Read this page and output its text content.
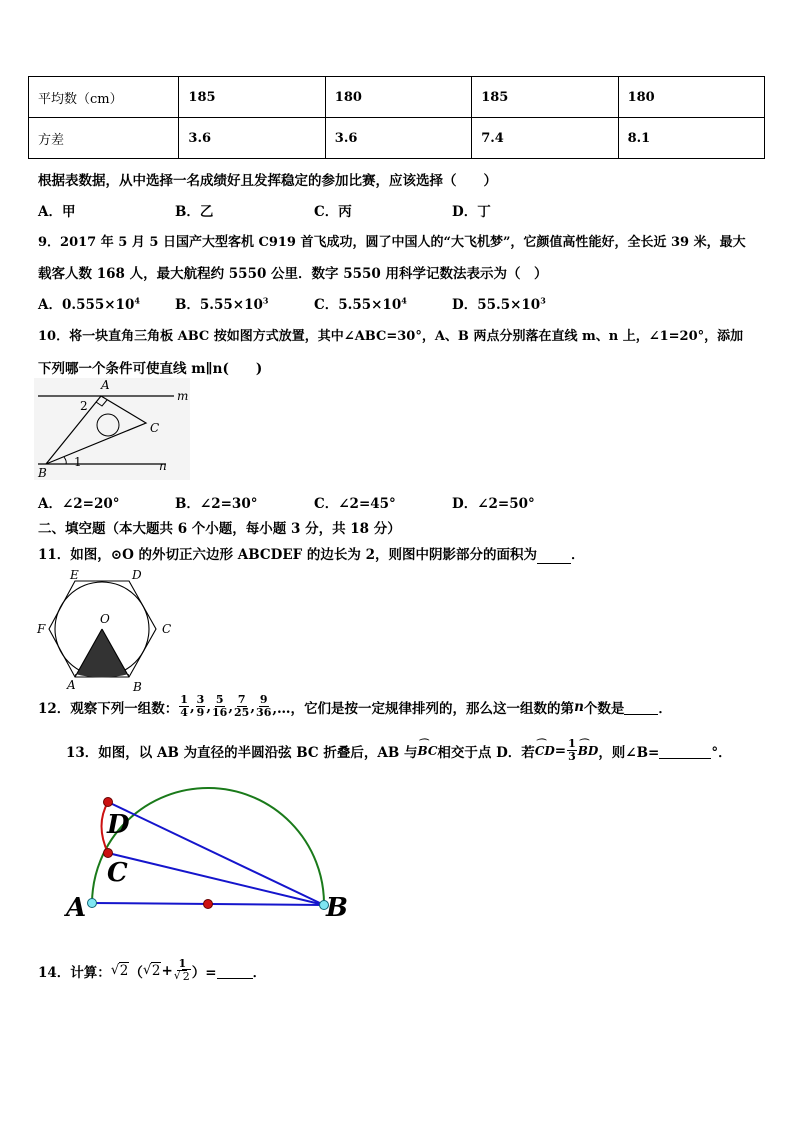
平均数（cm）	185	180	185	180
方差	3.6	3.6	7.4	8.1
根据表数据，从中选择一名成绩好且发挥稳定的参加比赛，应该选择（　　）
A．甲	B．乙	C．丙	D．丁
9．2017 年 5 月 5 日国产大型客机 C919 首飞成功，圆了中国人的“大飞机梦”，它颜值高性能好，全长近 39 米，最大
载客人数 168 人，最大航程约 5550 公里．数字 5550 用科学记数法表示为（　）
A．$0.555\times 10^4$	B．$5.55\times 10^3$	C．$5.55\times 10^4$	D．$55.5\times 10^3$
10．将一块直角三角板 ABC 按如图方式放置，其中∠ABC=30°，A、B 两点分别落在直线 m、n 上，∠1=20°，添加
下列哪一个条件可使直线 m∥n(　　)
A
2
C
B
1
m
n
A．∠2=20°	B．∠2=30°	C．∠2=45°	D．∠2=50°
二、填空题（本大题共 6 个小题，每小题 3 分，共 18 分）
11．如图，⊙O 的外切正六边形 ABCDEF 的边长为 2，则图中阴影部分的面积为	．
E	D
F	C
O
A	B
12．观察下列一组数： $\frac{1}{4}$ , $\frac{3}{9}$ , $\frac{5}{16}$ , $\frac{7}{25}$ , $\frac{9}{36}$ ,…， 它们是按一定规律排列的，那么这一组数的第 n 个数是
	．
13．如图，以 AB 为直径的半圆沿弦 BC 折叠后，AB 与 ⌒ BC 相交于点 D．若 ⌒ CD = $\frac{1}{3}$ ⌒ BD ，则∠B=
	°．
D
C
A	B
14．计算： √ 2 （ √ 2 + 1
√ 2 ）=
	．
